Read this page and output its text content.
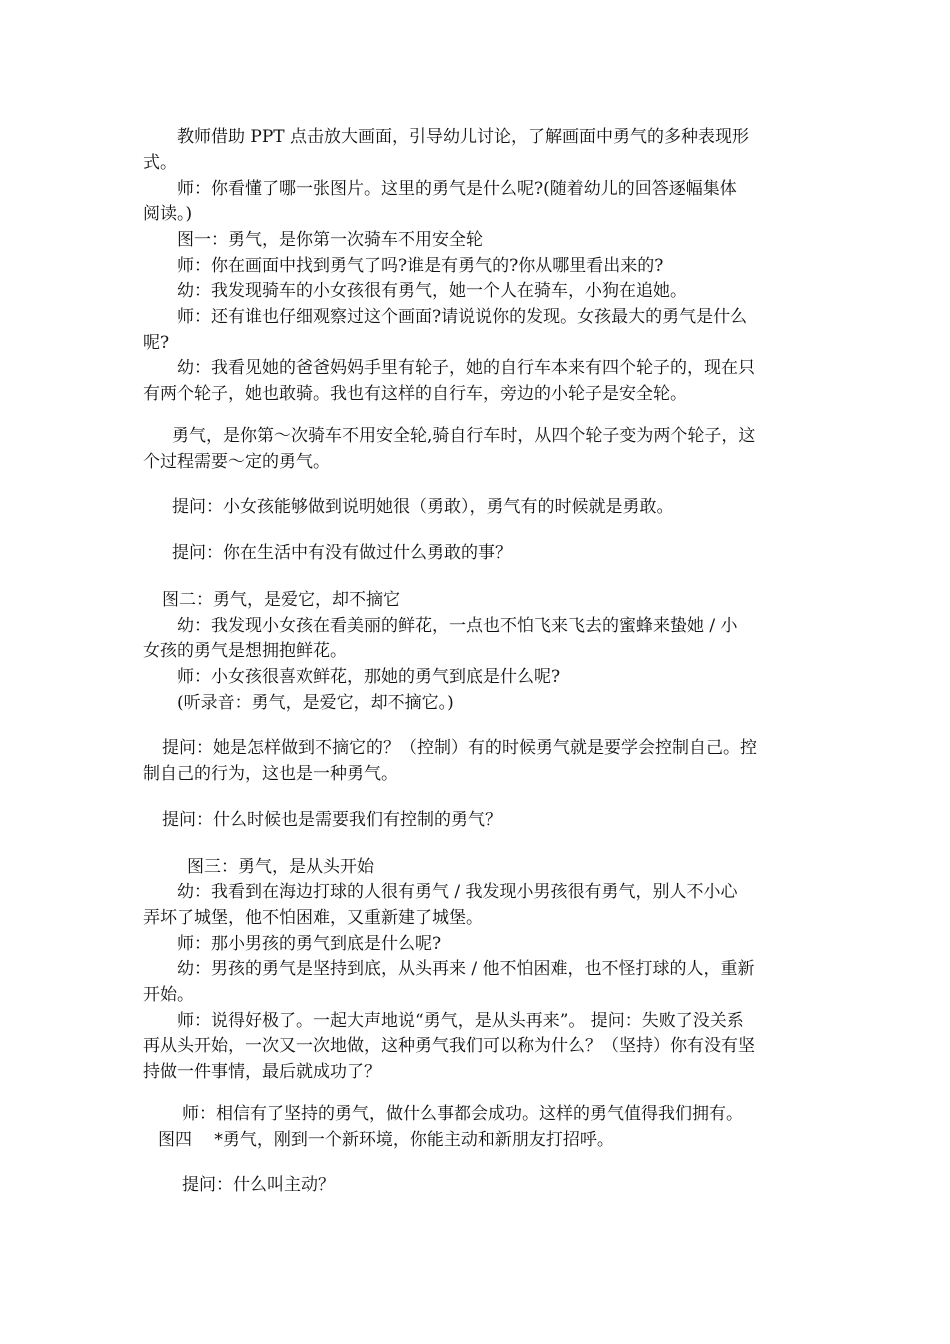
教师借助 PPT 点击放大画面，引导幼儿讨论，了解画面中勇气的多种表现形
式。
师：你看懂了哪一张图片。这里的勇气是什么呢?(随着幼儿的回答逐幅集体
阅读。)
图一：勇气，是你第一次骑车不用安全轮
师：你在画面中找到勇气了吗?谁是有勇气的?你从哪里看出来的?
幼：我发现骑车的小女孩很有勇气，她一个人在骑车，小狗在追她。
师：还有谁也仔细观察过这个画面?请说说你的发现。女孩最大的勇气是什么
呢?
幼：我看见她的爸爸妈妈手里有轮子，她的自行车本来有四个轮子的，现在只
有两个轮子，她也敢骑。我也有这样的自行车，旁边的小轮子是安全轮。
勇气，是你第～次骑车不用安全轮,骑自行车时，从四个轮子变为两个轮子，这
个过程需要～定的勇气。
提问：小女孩能够做到说明她很（勇敢），勇气有的时候就是勇敢。
提问：你在生活中有没有做过什么勇敢的事？
图二：勇气，是爱它，却不摘它
幼：我发现小女孩在看美丽的鲜花，一点也不怕飞来飞去的蜜蜂来蛰她 / 小
女孩的勇气是想拥抱鲜花。
师：小女孩很喜欢鲜花，那她的勇气到底是什么呢?
(听录音：勇气，是爱它，却不摘它。)
提问：她是怎样做到不摘它的？（控制）有的时候勇气就是要学会控制自己。控
制自己的行为，这也是一种勇气。
提问：什么时候也是需要我们有控制的勇气？
图三：勇气，是从头开始
幼：我看到在海边打球的人很有勇气 / 我发现小男孩很有勇气，别人不小心
弄坏了城堡，他不怕困难，又重新建了城堡。
师：那小男孩的勇气到底是什么呢?
幼：男孩的勇气是坚持到底，从头再来 / 他不怕困难，也不怪打球的人，重新
开始。
师：说得好极了。一起大声地说“勇气，是从头再来”。 提问：失败了没关系
再从头开始，一次又一次地做，这种勇气我们可以称为什么？（坚持）你有没有坚
持做一件事情，最后就成功了？
师：相信有了坚持的勇气，做什么事都会成功。这样的勇气值得我们拥有。
图四 　*勇气，刚到一个新环境，你能主动和新朋友打招呼。
提问：什么叫主动？
